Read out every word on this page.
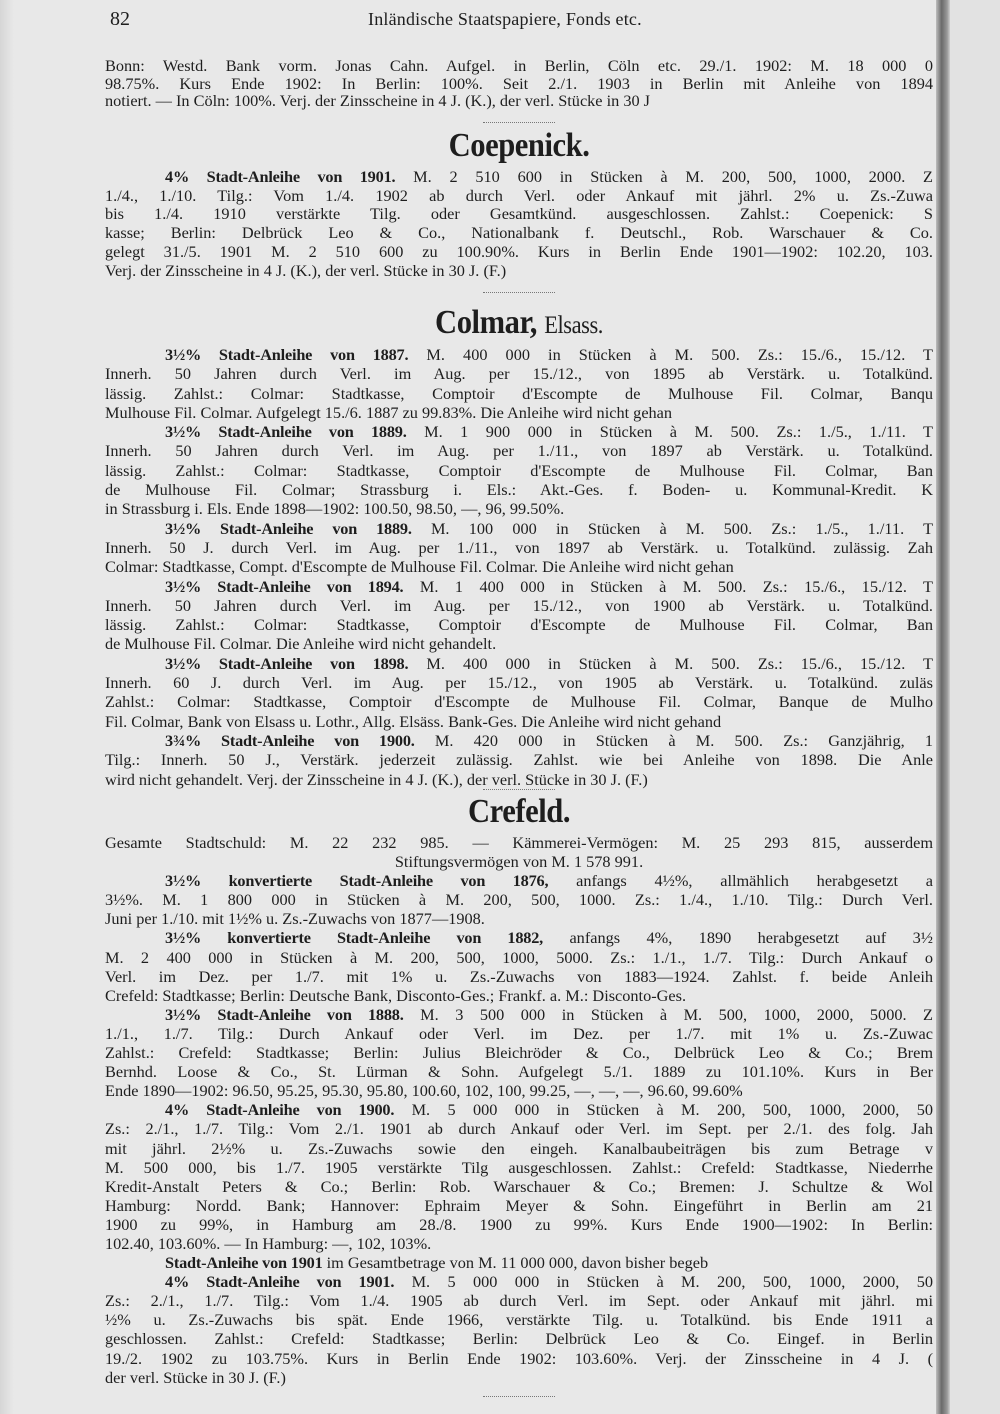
82	Inländische Staatspapiere, Fonds etc.
Bonn: Westd. Bank vorm. Jonas Cahn. Aufgel. in Berlin, Cöln etc. 29./1. 1902: M. 18 000 0
98.75%. Kurs Ende 1902: In Berlin: 100%. Seit 2./1. 1903 in Berlin mit Anleihe von 1894
notiert. — In Cöln: 100%. Verj. der Zinsscheine in 4 J. (K.), der verl. Stücke in 30 J
Coepenick.
4% Stadt-Anleihe von 1901. M. 2 510 600 in Stücken à M. 200, 500, 1000, 2000. Z
1./4., 1./10. Tilg.: Vom 1./4. 1902 ab durch Verl. oder Ankauf mit jährl. 2% u. Zs.-Zuwa
bis 1./4. 1910 verstärkte Tilg. oder Gesamtkünd. ausgeschlossen. Zahlst.: Coepenick: S
kasse; Berlin: Delbrück Leo & Co., Nationalbank f. Deutschl., Rob. Warschauer & Co.
gelegt 31./5. 1901 M. 2 510 600 zu 100.90%. Kurs in Berlin Ende 1901—1902: 102.20, 103.
Verj. der Zinsscheine in 4 J. (K.), der verl. Stücke in 30 J. (F.)
Colmar, Elsass.
3½% Stadt-Anleihe von 1887. M. 400 000 in Stücken à M. 500. Zs.: 15./6., 15./12. T
Innerh. 50 Jahren durch Verl. im Aug. per 15./12., von 1895 ab Verstärk. u. Totalkünd.
lässig. Zahlst.: Colmar: Stadtkasse, Comptoir d'Escompte de Mulhouse Fil. Colmar, Banqu
Mulhouse Fil. Colmar. Aufgelegt 15./6. 1887 zu 99.83%. Die Anleihe wird nicht gehan
3½% Stadt-Anleihe von 1889. M. 1 900 000 in Stücken à M. 500. Zs.: 1./5., 1./11. T
Innerh. 50 Jahren durch Verl. im Aug. per 1./11., von 1897 ab Verstärk. u. Totalkünd.
lässig. Zahlst.: Colmar: Stadtkasse, Comptoir d'Escompte de Mulhouse Fil. Colmar, Ban
de Mulhouse Fil. Colmar; Strassburg i. Els.: Akt.-Ges. f. Boden- u. Kommunal-Kredit. K
in Strassburg i. Els. Ende 1898—1902: 100.50, 98.50, —, 96, 99.50%.
3½% Stadt-Anleihe von 1889. M. 100 000 in Stücken à M. 500. Zs.: 1./5., 1./11. T
Innerh. 50 J. durch Verl. im Aug. per 1./11., von 1897 ab Verstärk. u. Totalkünd. zulässig. Zah
Colmar: Stadtkasse, Compt. d'Escompte de Mulhouse Fil. Colmar. Die Anleihe wird nicht gehan
3½% Stadt-Anleihe von 1894. M. 1 400 000 in Stücken à M. 500. Zs.: 15./6., 15./12. T
Innerh. 50 Jahren durch Verl. im Aug. per 15./12., von 1900 ab Verstärk. u. Totalkünd.
lässig. Zahlst.: Colmar: Stadtkasse, Comptoir d'Escompte de Mulhouse Fil. Colmar, Ban
de Mulhouse Fil. Colmar. Die Anleihe wird nicht gehandelt.
3½% Stadt-Anleihe von 1898. M. 400 000 in Stücken à M. 500. Zs.: 15./6., 15./12. T
Innerh. 60 J. durch Verl. im Aug. per 15./12., von 1905 ab Verstärk. u. Totalkünd. zuläs
Zahlst.: Colmar: Stadtkasse, Comptoir d'Escompte de Mulhouse Fil. Colmar, Banque de Mulho
Fil. Colmar, Bank von Elsass u. Lothr., Allg. Elsäss. Bank-Ges. Die Anleihe wird nicht gehand
3¾% Stadt-Anleihe von 1900. M. 420 000 in Stücken à M. 500. Zs.: Ganzjährig, 1
Tilg.: Innerh. 50 J., Verstärk. jederzeit zulässig. Zahlst. wie bei Anleihe von 1898. Die Anle
wird nicht gehandelt. Verj. der Zinsscheine in 4 J. (K.), der verl. Stücke in 30 J. (F.)
Crefeld.
Gesamte Stadtschuld: M. 22 232 985. — Kämmerei-Vermögen: M. 25 293 815, ausserdem
Stiftungsvermögen von M. 1 578 991.
3½% konvertierte Stadt-Anleihe von 1876, anfangs 4½%, allmählich herabgesetzt a
3½%. M. 1 800 000 in Stücken à M. 200, 500, 1000. Zs.: 1./4., 1./10. Tilg.: Durch Verl.
Juni per 1./10. mit 1½% u. Zs.-Zuwachs von 1877—1908.
3½% konvertierte Stadt-Anleihe von 1882, anfangs 4%, 1890 herabgesetzt auf 3½
M. 2 400 000 in Stücken à M. 200, 500, 1000, 5000. Zs.: 1./1., 1./7. Tilg.: Durch Ankauf o
Verl. im Dez. per 1./7. mit 1% u. Zs.-Zuwachs von 1883—1924. Zahlst. f. beide Anleih
Crefeld: Stadtkasse; Berlin: Deutsche Bank, Disconto-Ges.; Frankf. a. M.: Disconto-Ges.
3½% Stadt-Anleihe von 1888. M. 3 500 000 in Stücken à M. 500, 1000, 2000, 5000. Z
1./1., 1./7. Tilg.: Durch Ankauf oder Verl. im Dez. per 1./7. mit 1% u. Zs.-Zuwac
Zahlst.: Crefeld: Stadtkasse; Berlin: Julius Bleichröder & Co., Delbrück Leo & Co.; Brem
Bernhd. Loose & Co., St. Lürman & Sohn. Aufgelegt 5./1. 1889 zu 101.10%. Kurs in Ber
Ende 1890—1902: 96.50, 95.25, 95.30, 95.80, 100.60, 102, 100, 99.25, —, —, —, 96.60, 99.60%
4% Stadt-Anleihe von 1900. M. 5 000 000 in Stücken à M. 200, 500, 1000, 2000, 50
Zs.: 2./1., 1./7. Tilg.: Vom 2./1. 1901 ab durch Ankauf oder Verl. im Sept. per 2./1. des folg. Jah
mit jährl. 2½% u. Zs.-Zuwachs sowie den eingeh. Kanalbaubeiträgen bis zum Betrage v
M. 500 000, bis 1./7. 1905 verstärkte Tilg ausgeschlossen. Zahlst.: Crefeld: Stadtkasse, Niederrhe
Kredit-Anstalt Peters & Co.; Berlin: Rob. Warschauer & Co.; Bremen: J. Schultze & Wol
Hamburg: Nordd. Bank; Hannover: Ephraim Meyer & Sohn. Eingeführt in Berlin am 21
1900 zu 99%, in Hamburg am 28./8. 1900 zu 99%. Kurs Ende 1900—1902: In Berlin:
102.40, 103.60%. — In Hamburg: —, 102, 103%.
Stadt-Anleihe von 1901 im Gesamtbetrage von M. 11 000 000, davon bisher begeb
4% Stadt-Anleihe von 1901. M. 5 000 000 in Stücken à M. 200, 500, 1000, 2000, 50
Zs.: 2./1., 1./7. Tilg.: Vom 1./4. 1905 ab durch Verl. im Sept. oder Ankauf mit jährl. mi
½% u. Zs.-Zuwachs bis spät. Ende 1966, verstärkte Tilg. u. Totalkünd. bis Ende 1911 a
geschlossen. Zahlst.: Crefeld: Stadtkasse; Berlin: Delbrück Leo & Co. Eingef. in Berlin
19./2. 1902 zu 103.75%. Kurs in Berlin Ende 1902: 103.60%. Verj. der Zinsscheine in 4 J. (
der verl. Stücke in 30 J. (F.)
